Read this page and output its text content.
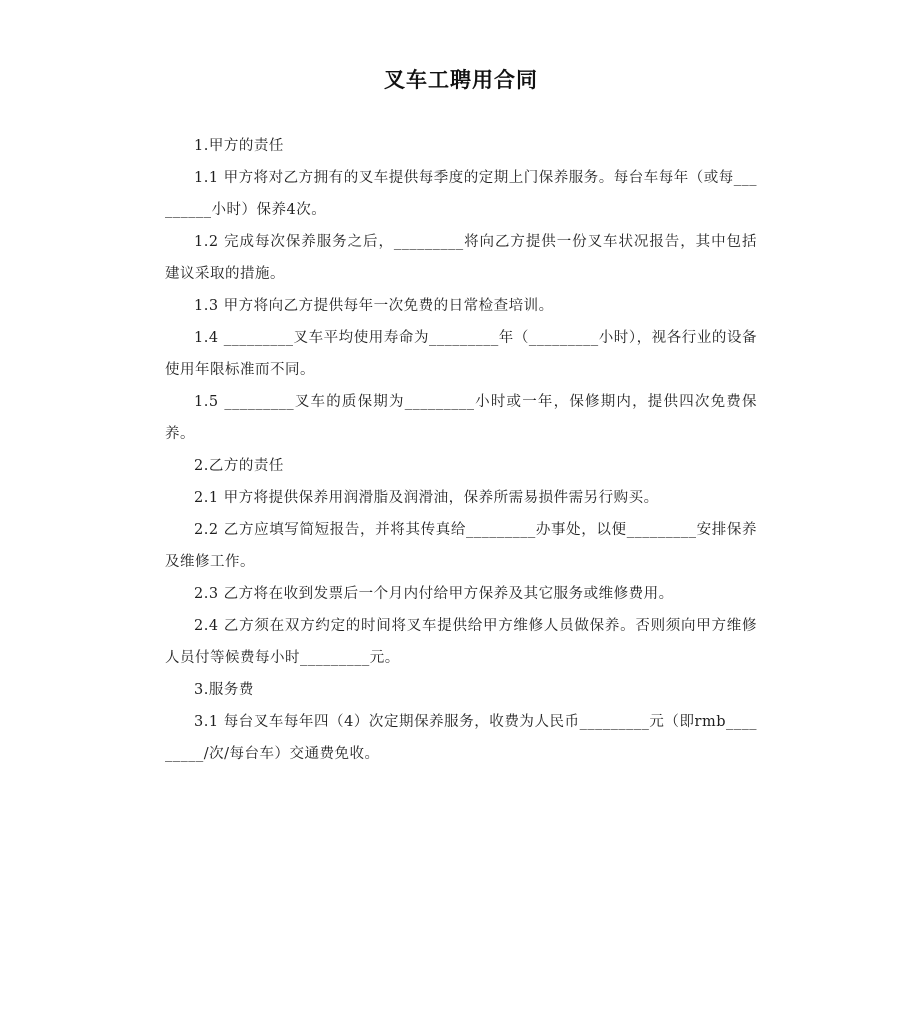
叉车工聘用合同

1.甲方的责任

1.1 甲方将对乙方拥有的叉车提供每季度的定期上门保养服务。每台车每年（或每_________小时）保养4次。

1.2 完成每次保养服务之后，_________将向乙方提供一份叉车状况报告，其中包括建议采取的措施。

1.3 甲方将向乙方提供每年一次免费的日常检查培训。

1.4 _________叉车平均使用寿命为_________年（_________小时），视各行业的设备使用年限标准而不同。

1.5 _________叉车的质保期为_________小时或一年，保修期内，提供四次免费保养。

2.乙方的责任

2.1 甲方将提供保养用润滑脂及润滑油，保养所需易损件需另行购买。

2.2 乙方应填写简短报告，并将其传真给_________办事处，以便_________安排保养及维修工作。

2.3 乙方将在收到发票后一个月内付给甲方保养及其它服务或维修费用。

2.4 乙方须在双方约定的时间将叉车提供给甲方维修人员做保养。否则须向甲方维修人员付等候费每小时_________元。

3.服务费

3.1 每台叉车每年四（4）次定期保养服务，收费为人民币_________元（即rmb_________/次/每台车）交通费免收。
